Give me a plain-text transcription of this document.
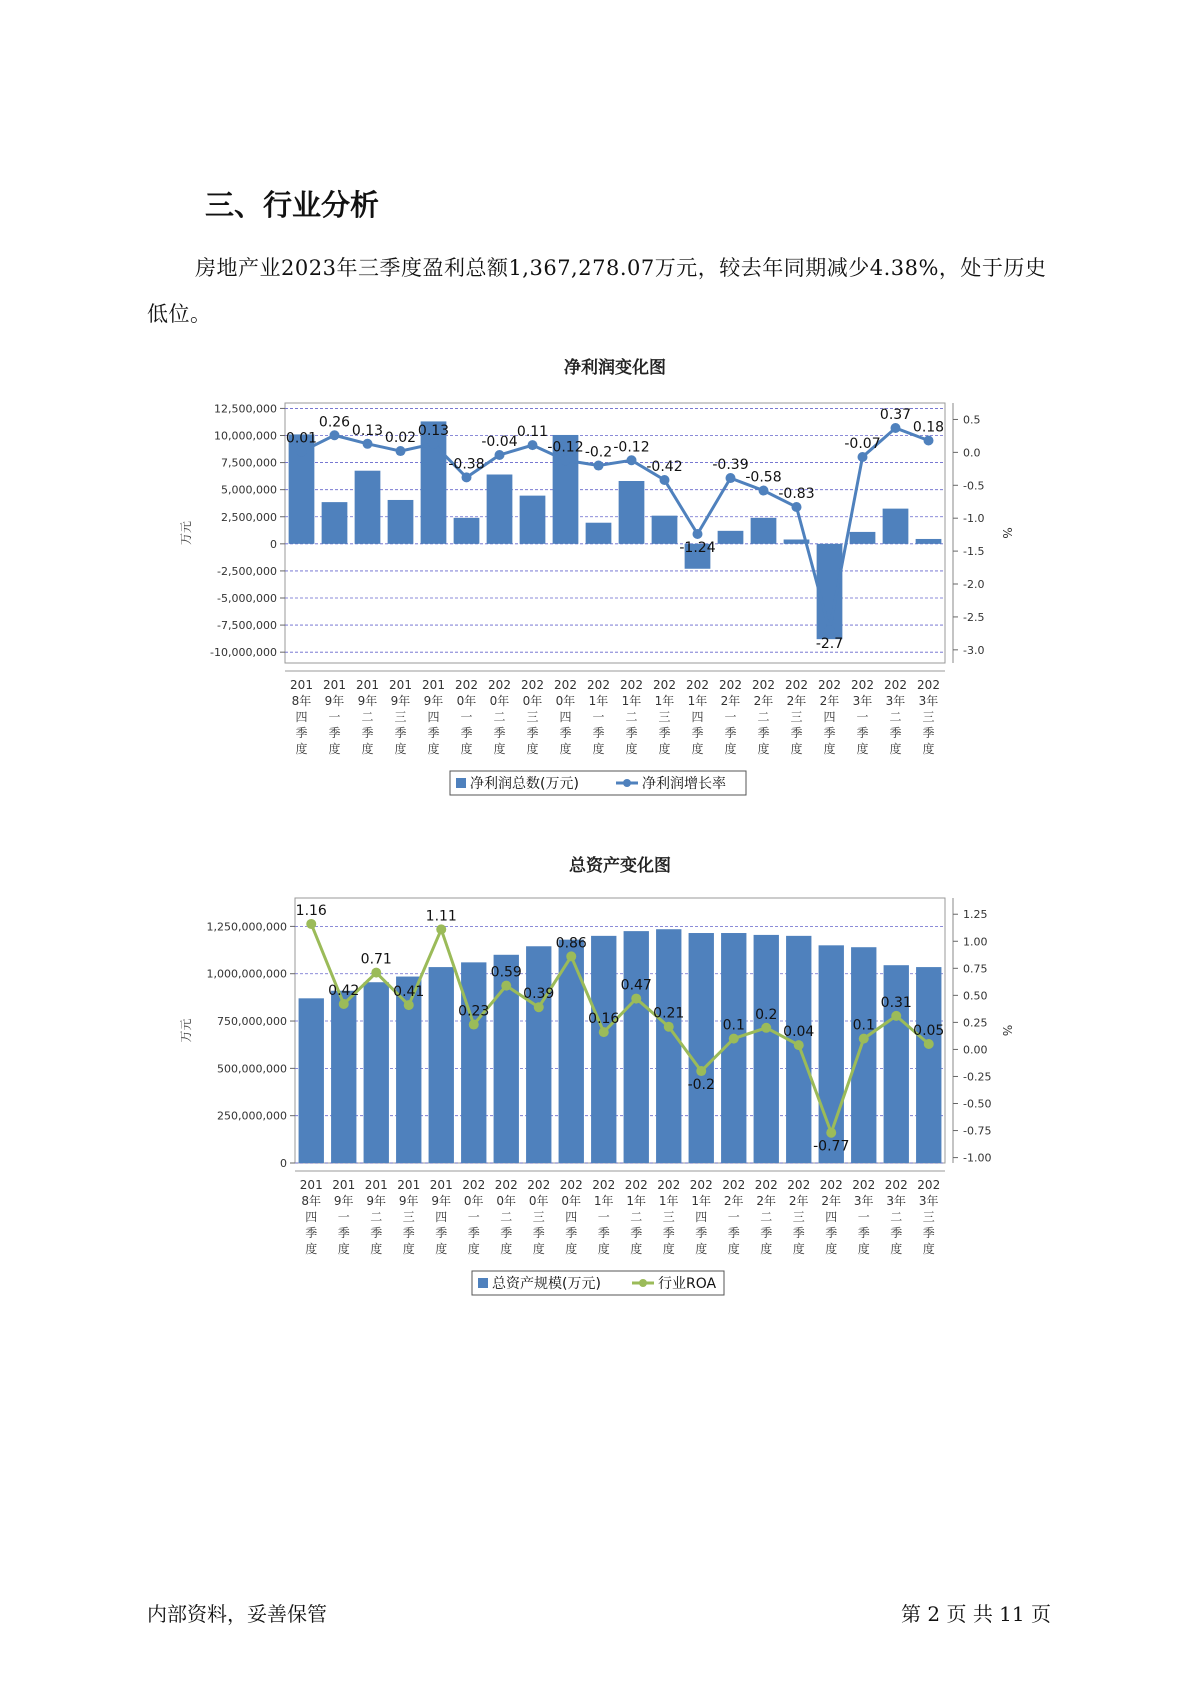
三、行业分析

房地产业2023年三季度盈利总额1,367,278.07万元，较去年同期减少4.38%，处于历史低位。

净利润变化图
12,500,000
10,000,000
7,500,000
5,000,000
2,500,000
0
-2,500,000
-5,000,000
-7,500,000
-10,000,000
0.5
0.0
-0.5
-1.0
-1.5
-2.0
-2.5
-3.0
万元	%
0.01
0.26
0.13 0.02 0.13
-0.38
-0.04
0.11
-0.12 -0.2 -0.12
-0.42
-1.24
-0.39
-0.58
-0.83
-2.7
-0.07
0.37
0.18
201
8年
四
季
度
201
9年
一
季
度
201
9年
二
季
度
201
9年
三
季
度
201
9年
四
季
度
202
0年
一
季
度
202
0年
二
季
度
202
0年
三
季
度
202
0年
四
季
度
202
1年
一
季
度
202
1年
二
季
度
202
1年
三
季
度
202
1年
四
季
度
202
2年
一
季
度
202
2年
二
季
度
202
2年
三
季
度
202
2年
四
季
度
202
3年
一
季
度
202
3年
二
季
度
202
3年
三
季
度
净利润总数(万元)	净利润增长率
总资产变化图
1,250,000,000
1,000,000,000
750,000,000
500,000,000
250,000,000
0
1.25
1.00
0.75
0.50
0.25
0.00
-0.25
-0.50
-0.75
-1.00
万元	%
1.16
0.42
0.71
0.41
1.11
0.23
0.59
0.39
0.86
0.16
0.47
0.21
-0.2
0.1
0.2
0.04
-0.77
0.1
0.31
0.05
201
8年
四
季
度
201
9年
一
季
度
201
9年
二
季
度
201
9年
三
季
度
201
9年
四
季
度
202
0年
一
季
度
202
0年
二
季
度
202
0年
三
季
度
202
0年
四
季
度
202
1年
一
季
度
202
1年
二
季
度
202
1年
三
季
度
202
1年
四
季
度
202
2年
一
季
度
202
2年
二
季
度
202
2年
三
季
度
202
2年
四
季
度
202
3年
一
季
度
202
3年
二
季
度
202
3年
三
季
度
总资产规模(万元)	行业ROA
内部资料，妥善保管	第 2 页 共 11 页
